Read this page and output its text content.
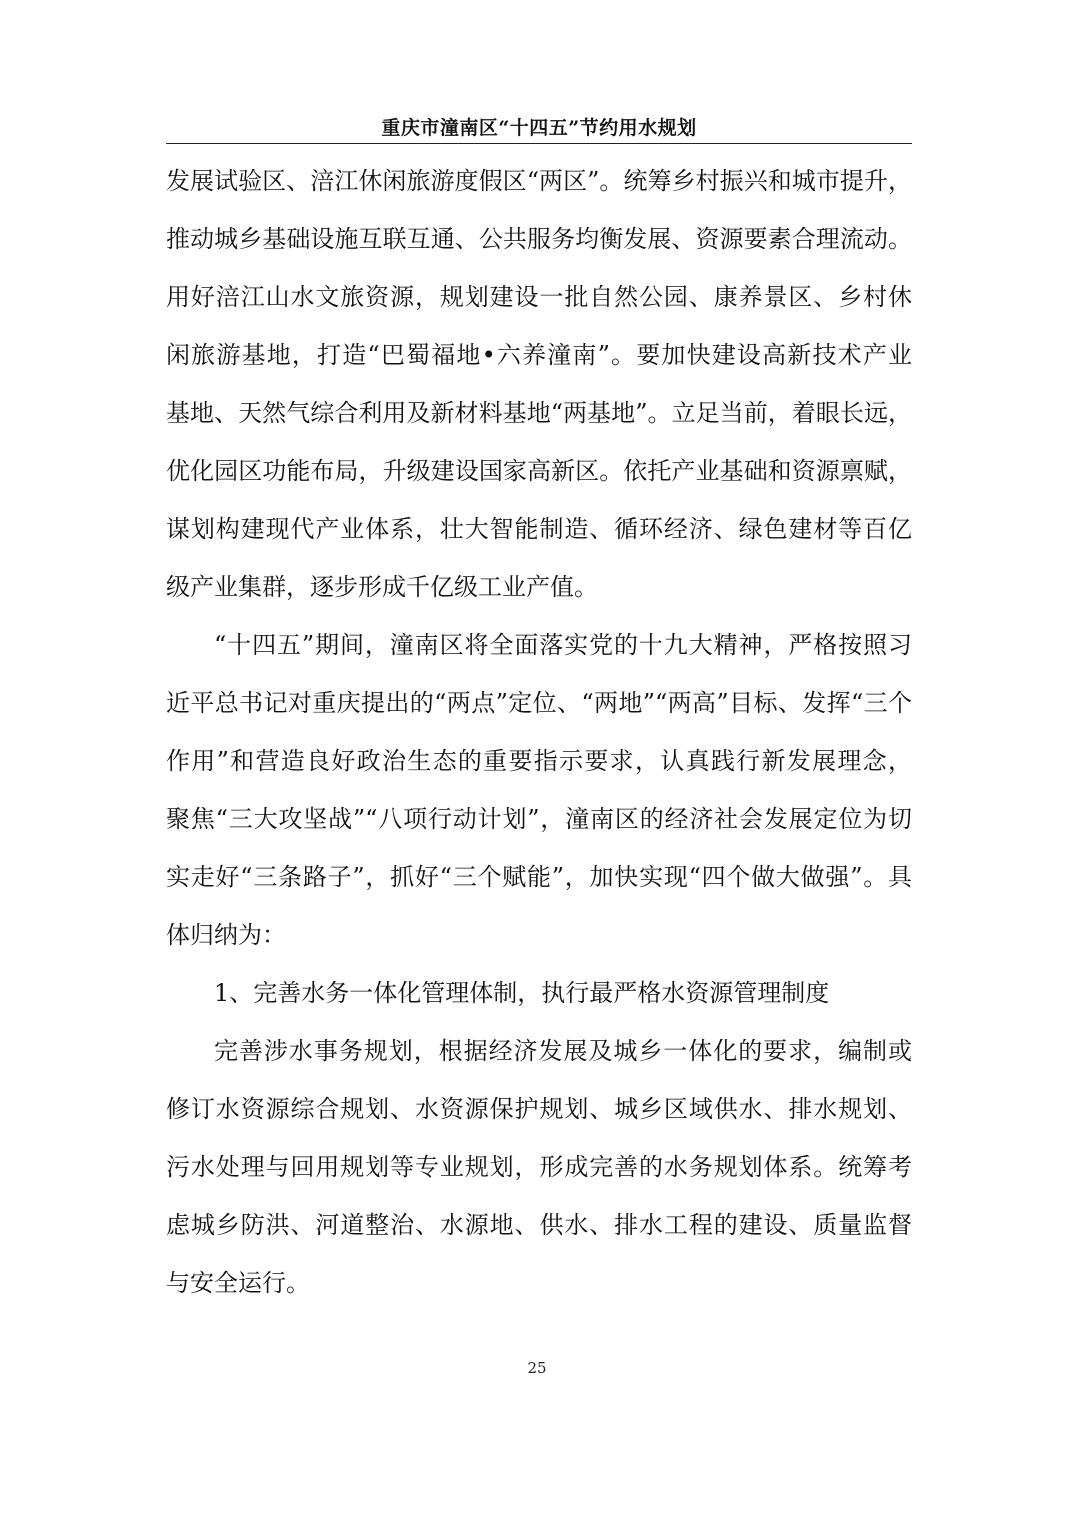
重庆市潼南区“十四五”节约用水规划
发展试验区、涪江休闲旅游度假区“两区”。统筹乡村振兴和城市提升，
推动城乡基础设施互联互通、公共服务均衡发展、资源要素合理流动。
用好涪江山水文旅资源，规划建设一批自然公园、康养景区、乡村休
闲旅游基地，打造“巴蜀福地•六养潼南”。要加快建设高新技术产业
基地、天然气综合利用及新材料基地“两基地”。立足当前，着眼长远，
优化园区功能布局，升级建设国家高新区。依托产业基础和资源禀赋，
谋划构建现代产业体系，壮大智能制造、循环经济、绿色建材等百亿
级产业集群，逐步形成千亿级工业产值。
“十四五”期间，潼南区将全面落实党的十九大精神，严格按照习
近平总书记对重庆提出的“两点”定位、“两地”“两高”目标、发挥“三个
作用”和营造良好政治生态的重要指示要求，认真践行新发展理念，
聚焦“三大攻坚战”“八项行动计划”，潼南区的经济社会发展定位为切
实走好“三条路子”，抓好“三个赋能”，加快实现“四个做大做强”。具
体归纳为：
1、完善水务一体化管理体制，执行最严格水资源管理制度
完善涉水事务规划，根据经济发展及城乡一体化的要求，编制或
修订水资源综合规划、水资源保护规划、城乡区域供水、排水规划、
污水处理与回用规划等专业规划，形成完善的水务规划体系。统筹考
虑城乡防洪、河道整治、水源地、供水、排水工程的建设、质量监督
与安全运行。
25
